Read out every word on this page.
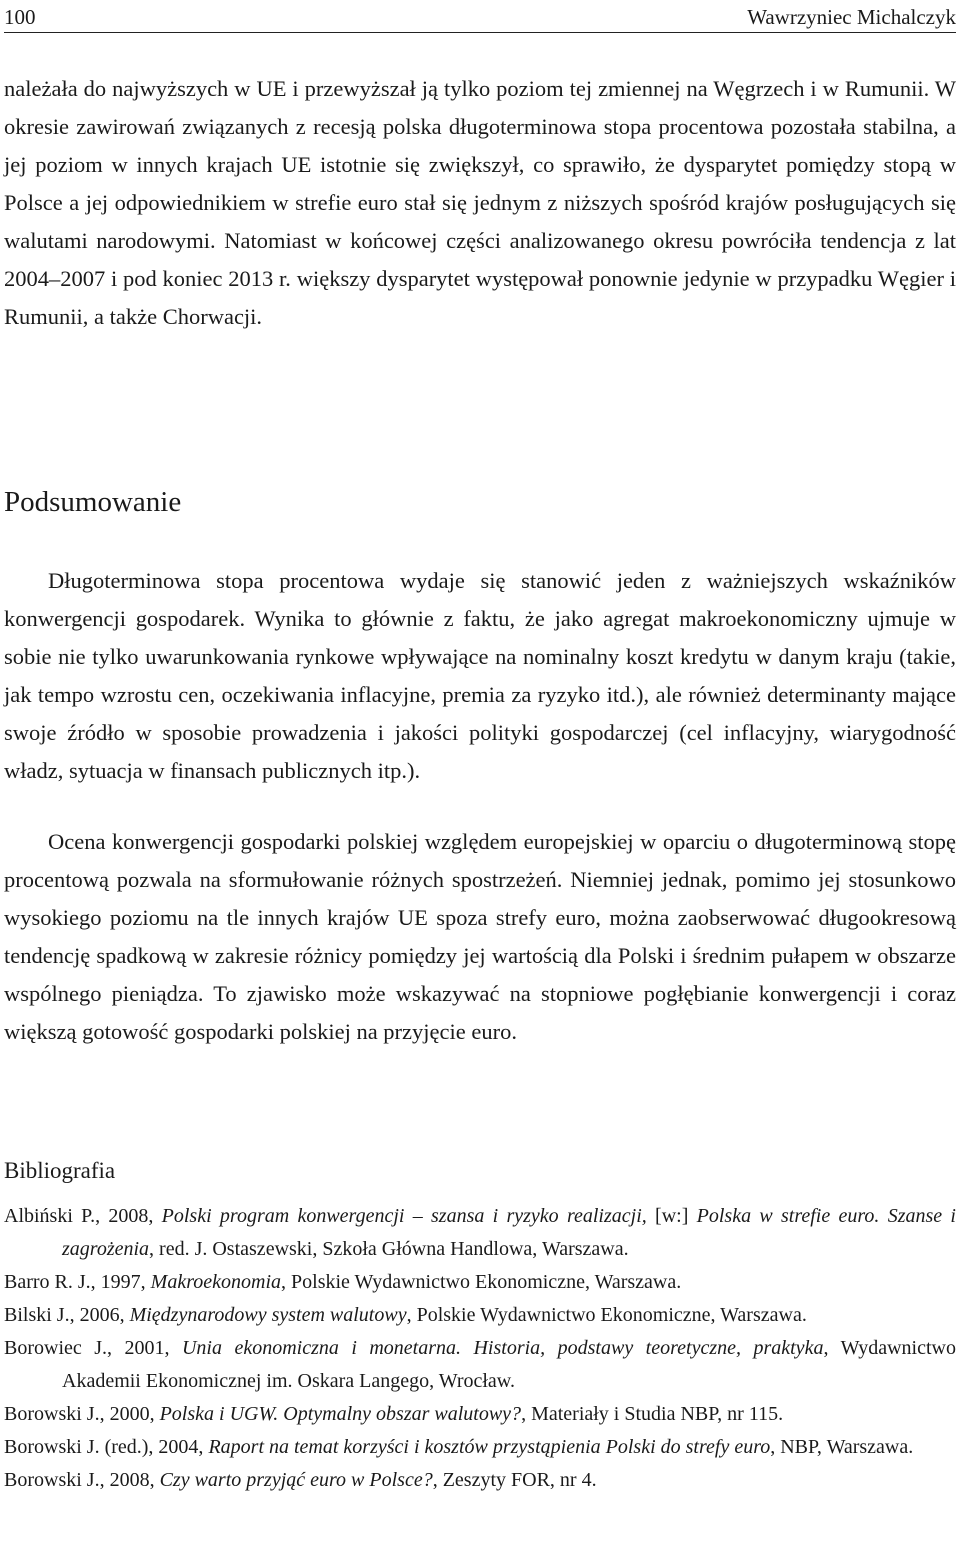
100	Wawrzyniec Michalczyk

należała do najwyższych w UE i przewyższał ją tylko poziom tej zmiennej na Węgrzech i w Rumunii. W okresie zawirowań związanych z recesją polska długoterminowa stopa procentowa pozostała stabilna, a jej poziom w innych krajach UE istotnie się zwiększył, co sprawiło, że dysparytet pomiędzy stopą w Polsce a jej odpowiednikiem w strefie euro stał się jednym z niższych spośród krajów posługujących się walutami narodowymi. Natomiast w końcowej części analizowanego okresu powróciła tendencja z lat 2004–2007 i pod koniec 2013 r. większy dysparytet występował ponownie jedynie w przypadku Węgier i Rumunii, a także Chorwacji.

Podsumowanie

Długoterminowa stopa procentowa wydaje się stanowić jeden z ważniejszych wskaźników konwergencji gospodarek. Wynika to głównie z faktu, że jako agregat makroekonomiczny ujmuje w sobie nie tylko uwarunkowania rynkowe wpływające na nominalny koszt kredytu w danym kraju (takie, jak tempo wzrostu cen, oczekiwania inflacyjne, premia za ryzyko itd.), ale również determinanty mające swoje źródło w sposobie prowadzenia i jakości polityki gospodarczej (cel inflacyjny, wiarygodność władz, sytuacja w finansach publicznych itp.).

Ocena konwergencji gospodarki polskiej względem europejskiej w oparciu o długoterminową stopę procentową pozwala na sformułowanie różnych spostrzeżeń. Niemniej jednak, pomimo jej stosunkowo wysokiego poziomu na tle innych krajów UE spoza strefy euro, można zaobserwować długookresową tendencję spadkową w zakresie różnicy pomiędzy jej wartością dla Polski i średnim pułapem w obszarze wspólnego pieniądza. To zjawisko może wskazywać na stopniowe pogłębianie konwergencji i coraz większą gotowość gospodarki polskiej na przyjęcie euro.

Bibliografia
Albiński P., 2008, Polski program konwergencji – szansa i ryzyko realizacji, [w:] Polska w strefie euro. Szanse i zagrożenia, red. J. Ostaszewski, Szkoła Główna Handlowa, Warszawa.
Barro R. J., 1997, Makroekonomia, Polskie Wydawnictwo Ekonomiczne, Warszawa.
Bilski J., 2006, Międzynarodowy system walutowy, Polskie Wydawnictwo Ekonomiczne, Warszawa.
Borowiec J., 2001, Unia ekonomiczna i monetarna. Historia, podstawy teoretyczne, praktyka, Wydawnictwo Akademii Ekonomicznej im. Oskara Langego, Wrocław.
Borowski J., 2000, Polska i UGW. Optymalny obszar walutowy?, Materiały i Studia NBP, nr 115.
Borowski J. (red.), 2004, Raport na temat korzyści i kosztów przystąpienia Polski do strefy euro, NBP, Warszawa.
Borowski J., 2008, Czy warto przyjąć euro w Polsce?, Zeszyty FOR, nr 4.
